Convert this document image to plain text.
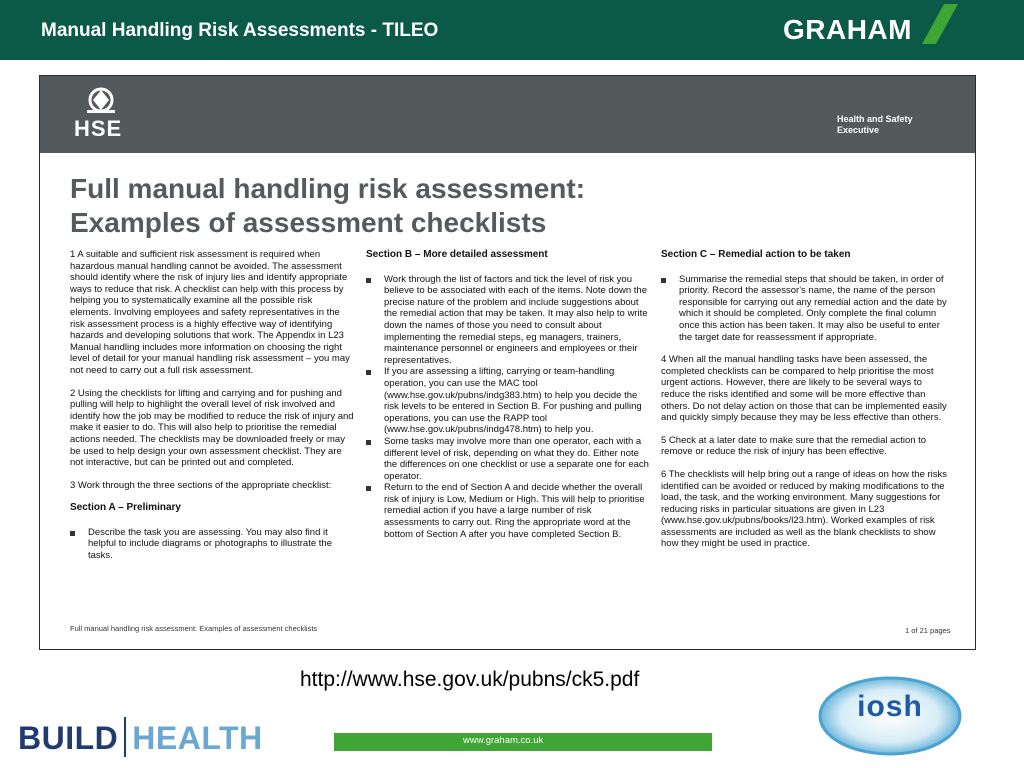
Manual Handling Risk Assessments - TILEO	GRAHAM
HSE	Health and Safety Executive
Full manual handling risk assessment:
Examples of assessment checklists

1 A suitable and sufficient risk assessment is required when hazardous manual handling cannot be avoided. The assessment should identify where the risk of injury lies and identify appropriate ways to reduce that risk. A checklist can help with this process by helping you to systematically examine all the possible risk elements. Involving employees and safety representatives in the risk assessment process is a highly effective way of identifying hazards and developing solutions that work. The Appendix in L23 Manual handling includes more information on choosing the right level of detail for your manual handling risk assessment – you may not need to carry out a full risk assessment.

2 Using the checklists for lifting and carrying and for pushing and pulling will help to highlight the overall level of risk involved and identify how the job may be modified to reduce the risk of injury and make it easier to do. This will also help to prioritise the remedial actions needed. The checklists may be downloaded freely or may be used to help design your own assessment checklist. They are not interactive, but can be printed out and completed.

3 Work through the three sections of the appropriate checklist:

Section A – Preliminary
Describe the task you are assessing. You may also find it helpful to include diagrams or photographs to illustrate the tasks.
Section B – More detailed assessment
Work through the list of factors and tick the level of risk you believe to be associated with each of the items. Note down the precise nature of the problem and include suggestions about the remedial action that may be taken. It may also help to write down the names of those you need to consult about implementing the remedial steps, eg managers, trainers, maintenance personnel or engineers and employees or their representatives.
If you are assessing a lifting, carrying or team-handling operation, you can use the MAC tool (www.hse.gov.uk/pubns/indg383.htm) to help you decide the risk levels to be entered in Section B. For pushing and pulling operations, you can use the RAPP tool (www.hse.gov.uk/pubns/indg478.htm) to help you.
Some tasks may involve more than one operator, each with a different level of risk, depending on what they do. Either note the differences on one checklist or use a separate one for each operator.
Return to the end of Section A and decide whether the overall risk of injury is Low, Medium or High. This will help to prioritise remedial action if you have a large number of risk assessments to carry out. Ring the appropriate word at the bottom of Section A after you have completed Section B.
Section C – Remedial action to be taken
Summarise the remedial steps that should be taken, in order of priority. Record the assessor's name, the name of the person responsible for carrying out any remedial action and the date by which it should be completed. Only complete the final column once this action has been taken. It may also be useful to enter the target date for reassessment if appropriate.

4 When all the manual handling tasks have been assessed, the completed checklists can be compared to help prioritise the most urgent actions. However, there are likely to be several ways to reduce the risks identified and some will be more effective than others. Do not delay action on those that can be implemented easily and quickly simply because they may be less effective than others.

5 Check at a later date to make sure that the remedial action to remove or reduce the risk of injury has been effective.

6 The checklists will help bring out a range of ideas on how the risks identified can be avoided or reduced by making modifications to the load, the task, and the working environment. Many suggestions for reducing risks in particular situations are given in L23 (www.hse.gov.uk/pubns/books/l23.htm). Worked examples of risk assessments are included as well as the blank checklists to show how they might be used in practice.

Full manual handling risk assessment: Examples of assessment checklists	1 of 21 pages
http://www.hse.gov.uk/pubns/ck5.pdf
BUILD HEALTH	www.graham.co.uk
iosh
